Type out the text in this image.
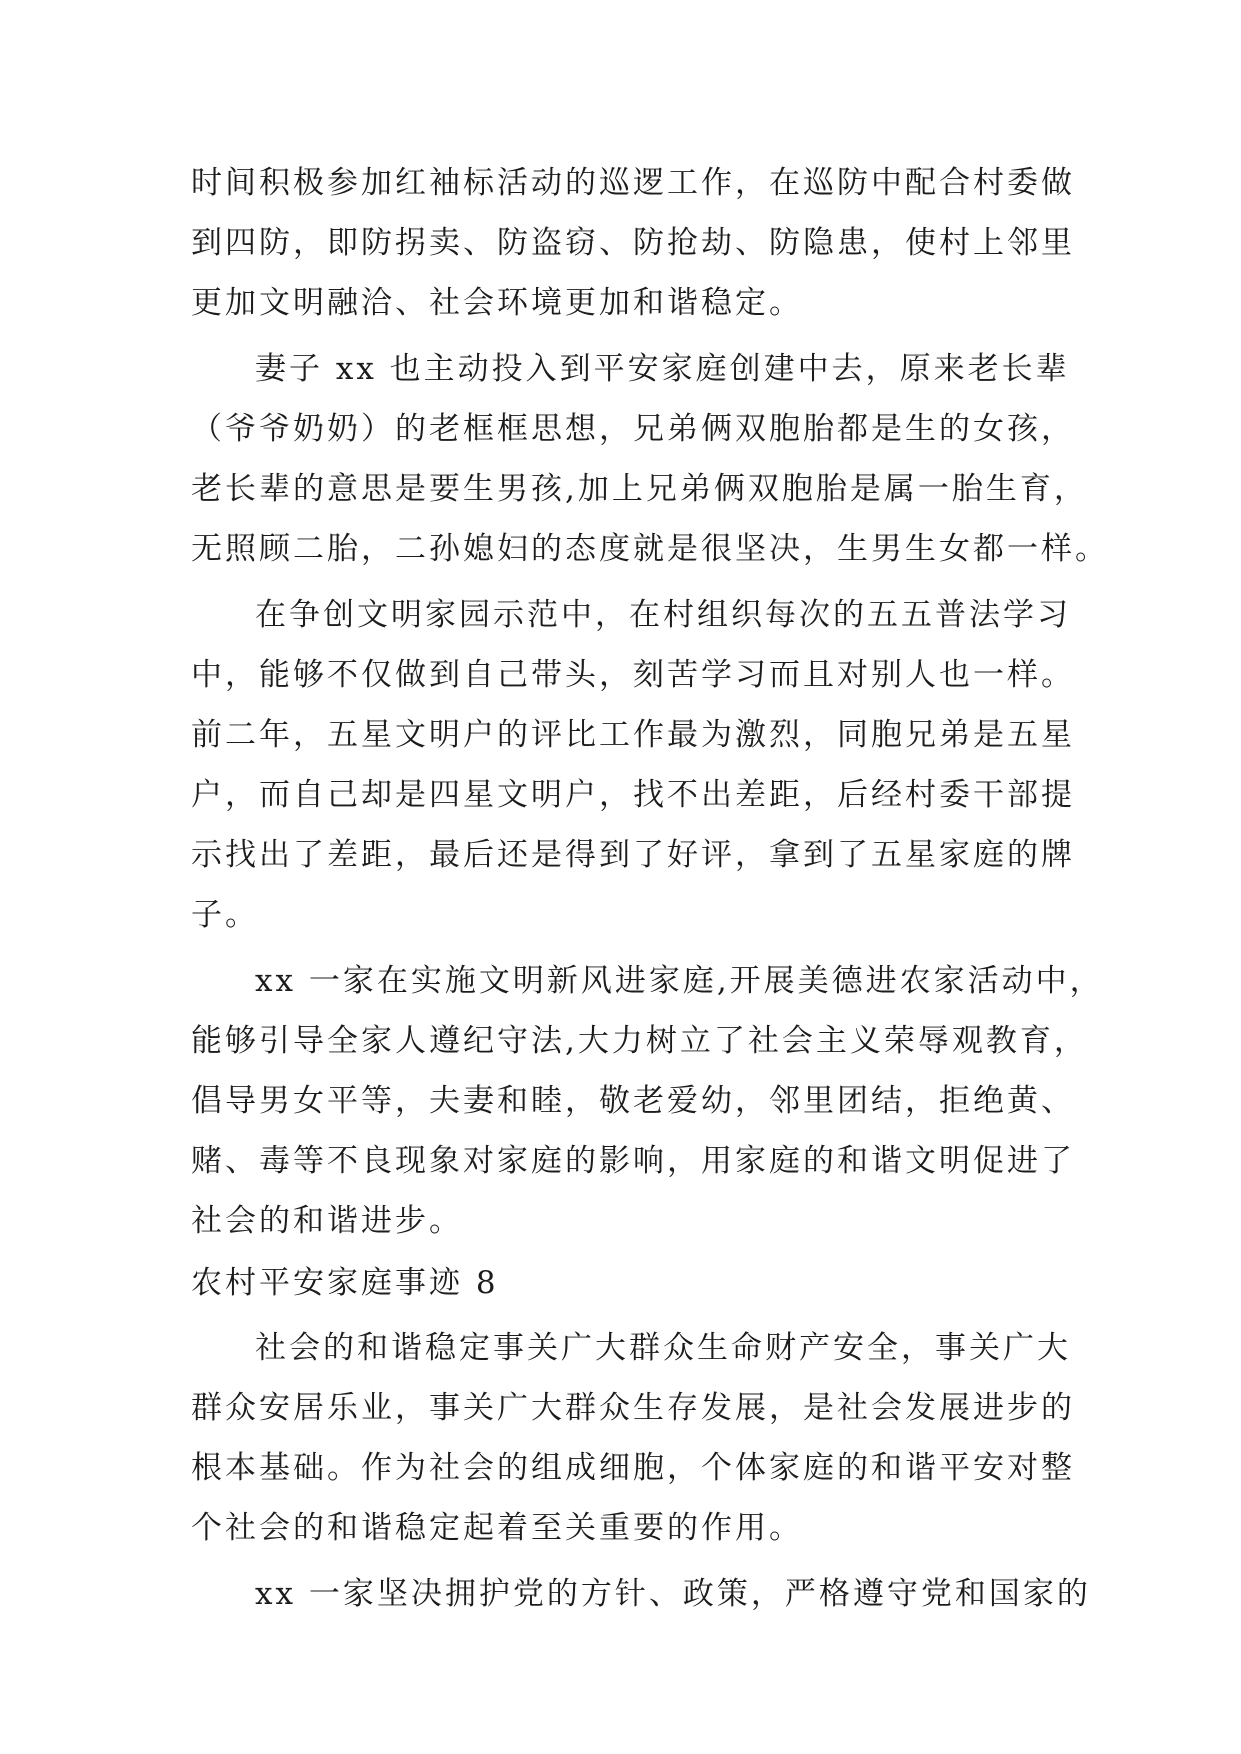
时间积极参加红袖标活动的巡逻工作，在巡防中配合村委做
到四防，即防拐卖、防盗窃、防抢劫、防隐患，使村上邻里
更加文明融洽、社会环境更加和谐稳定。
妻子 xx 也主动投入到平安家庭创建中去，原来老长辈
（爷爷奶奶）的老框框思想，兄弟俩双胞胎都是生的女孩，
老长辈的意思是要生男孩,加上兄弟俩双胞胎是属一胎生育，
无照顾二胎，二孙媳妇的态度就是很坚决，生男生女都一样。
在争创文明家园示范中，在村组织每次的五五普法学习
中，能够不仅做到自己带头，刻苦学习而且对别人也一样。
前二年，五星文明户的评比工作最为激烈，同胞兄弟是五星
户，而自己却是四星文明户，找不出差距，后经村委干部提
示找出了差距，最后还是得到了好评，拿到了五星家庭的牌
子。
xx 一家在实施文明新风进家庭,开展美德进农家活动中，
能够引导全家人遵纪守法,大力树立了社会主义荣辱观教育，
倡导男女平等，夫妻和睦，敬老爱幼，邻里团结，拒绝黄、
赌、毒等不良现象对家庭的影响，用家庭的和谐文明促进了
社会的和谐进步。
农村平安家庭事迹 8
社会的和谐稳定事关广大群众生命财产安全，事关广大
群众安居乐业，事关广大群众生存发展，是社会发展进步的
根本基础。作为社会的组成细胞，个体家庭的和谐平安对整
个社会的和谐稳定起着至关重要的作用。
xx 一家坚决拥护党的方针、政策，严格遵守党和国家的
